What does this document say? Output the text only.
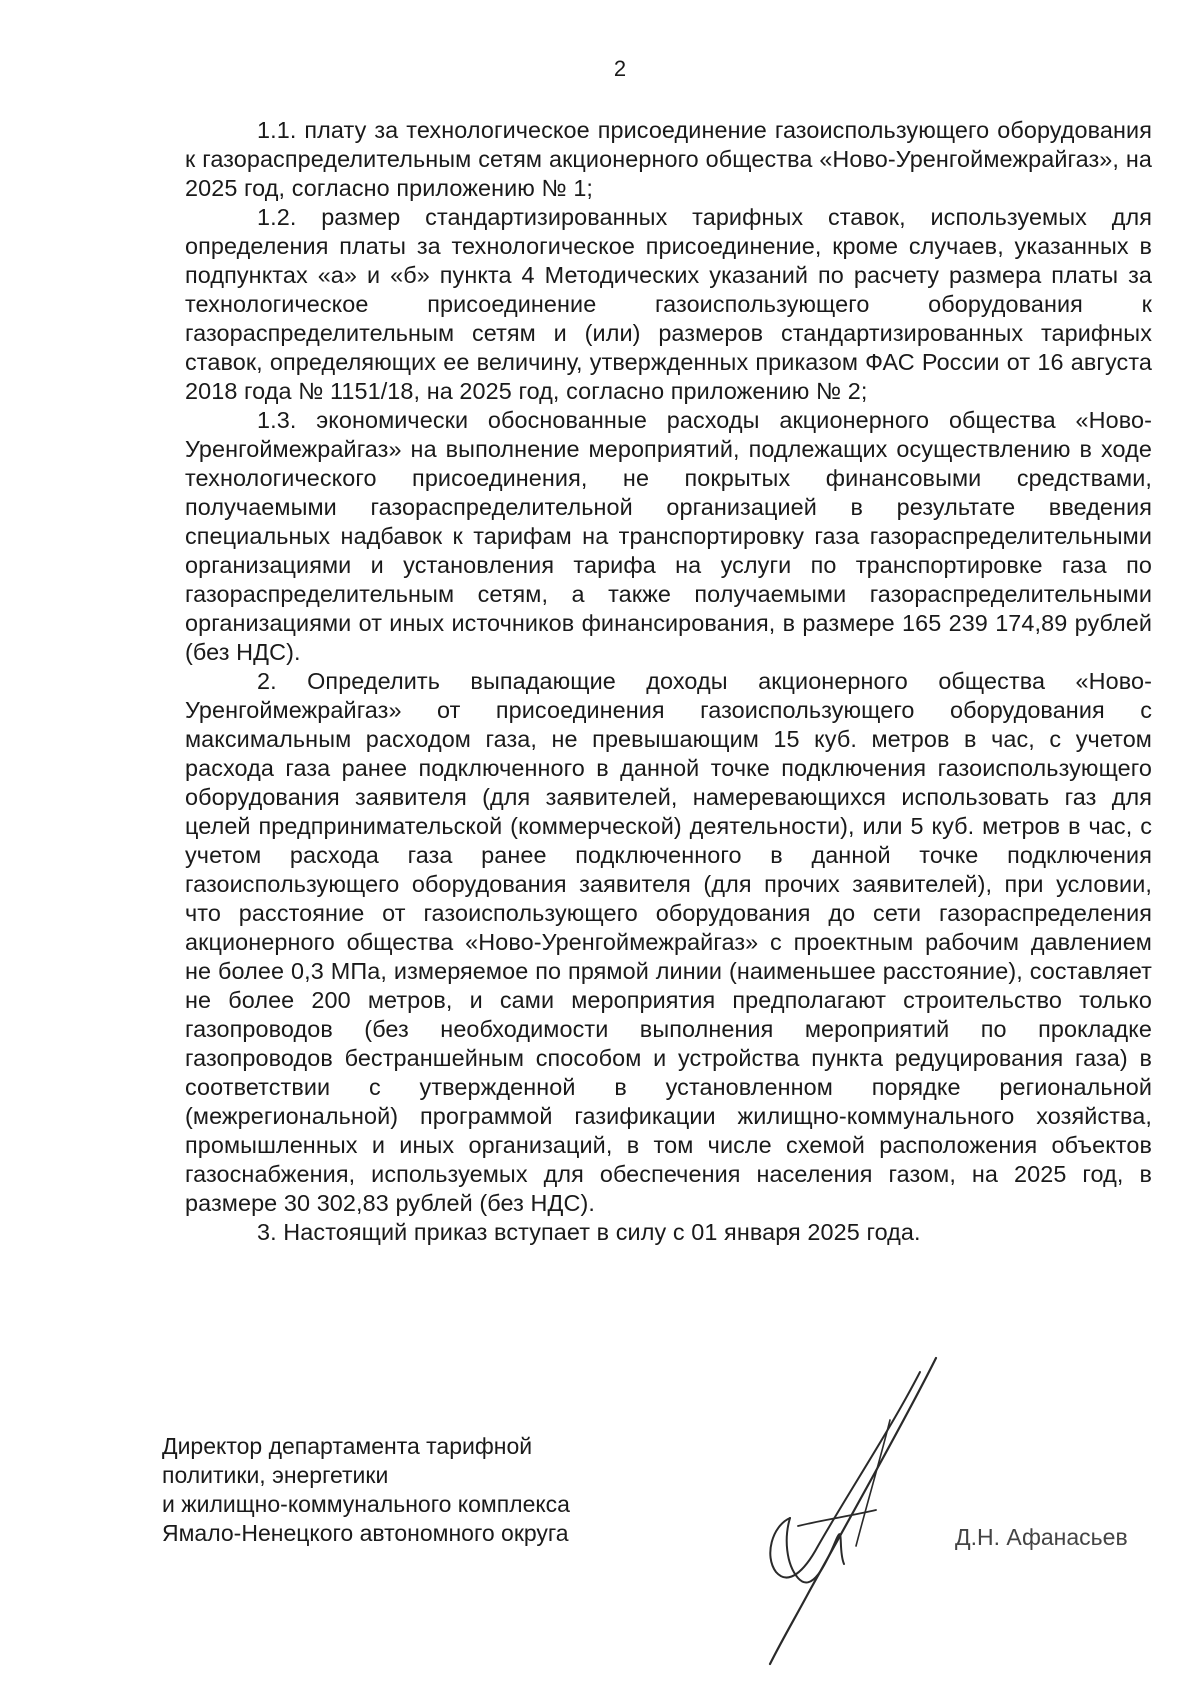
2

1.1. плату за технологическое присоединение газоиспользующего оборудования к газораспределительным сетям акционерного общества «Ново-Уренгоймежрайгаз», на 2025 год, согласно приложению № 1;

1.2. размер стандартизированных тарифных ставок, используемых для определения платы за технологическое присоединение, кроме случаев, указанных в подпунктах «а» и «б» пункта 4 Методических указаний по расчету размера платы за технологическое присоединение газоиспользующего оборудования к газораспределительным сетям и (или) размеров стандартизированных тарифных ставок, определяющих ее величину, утвержденных приказом ФАС России от 16 августа 2018 года № 1151/18, на 2025 год, согласно приложению № 2;

1.3. экономически обоснованные расходы акционерного общества «Ново-Уренгоймежрайгаз» на выполнение мероприятий, подлежащих осуществлению в ходе технологического присоединения, не покрытых финансовыми средствами, получаемыми газораспределительной организацией в результате введения специальных надбавок к тарифам на транспортировку газа газораспределительными организациями и установления тарифа на услуги по транспортировке газа по газораспределительным сетям, а также получаемыми газораспределительными организациями от иных источников финансирования, в размере 165 239 174,89 рублей (без НДС).

2. Определить выпадающие доходы акционерного общества «Ново-Уренгоймежрайгаз» от присоединения газоиспользующего оборудования с максимальным расходом газа, не превышающим 15 куб. метров в час, с учетом расхода газа ранее подключенного в данной точке подключения газоиспользующего оборудования заявителя (для заявителей, намеревающихся использовать газ для целей предпринимательской (коммерческой) деятельности), или 5 куб. метров в час, с учетом расхода газа ранее подключенного в данной точке подключения газоиспользующего оборудования заявителя (для прочих заявителей), при условии, что расстояние от газоиспользующего оборудования до сети газораспределения акционерного общества «Ново-Уренгоймежрайгаз» с проектным рабочим давлением не более 0,3 МПа, измеряемое по прямой линии (наименьшее расстояние), составляет не более 200 метров, и сами мероприятия предполагают строительство только газопроводов (без необходимости выполнения мероприятий по прокладке газопроводов бестраншейным способом и устройства пункта редуцирования газа) в соответствии с утвержденной в установленном порядке региональной (межрегиональной) программой газификации жилищно-коммунального хозяйства, промышленных и иных организаций, в том числе схемой расположения объектов газоснабжения, используемых для обеспечения населения газом, на 2025 год, в размере 30 302,83 рублей (без НДС).

3. Настоящий приказ вступает в силу с 01 января 2025 года.

Директор департамента тарифной
политики, энергетики
и жилищно-коммунального комплекса
Ямало-Ненецкого автономного округа	Д.Н. Афанасьев
